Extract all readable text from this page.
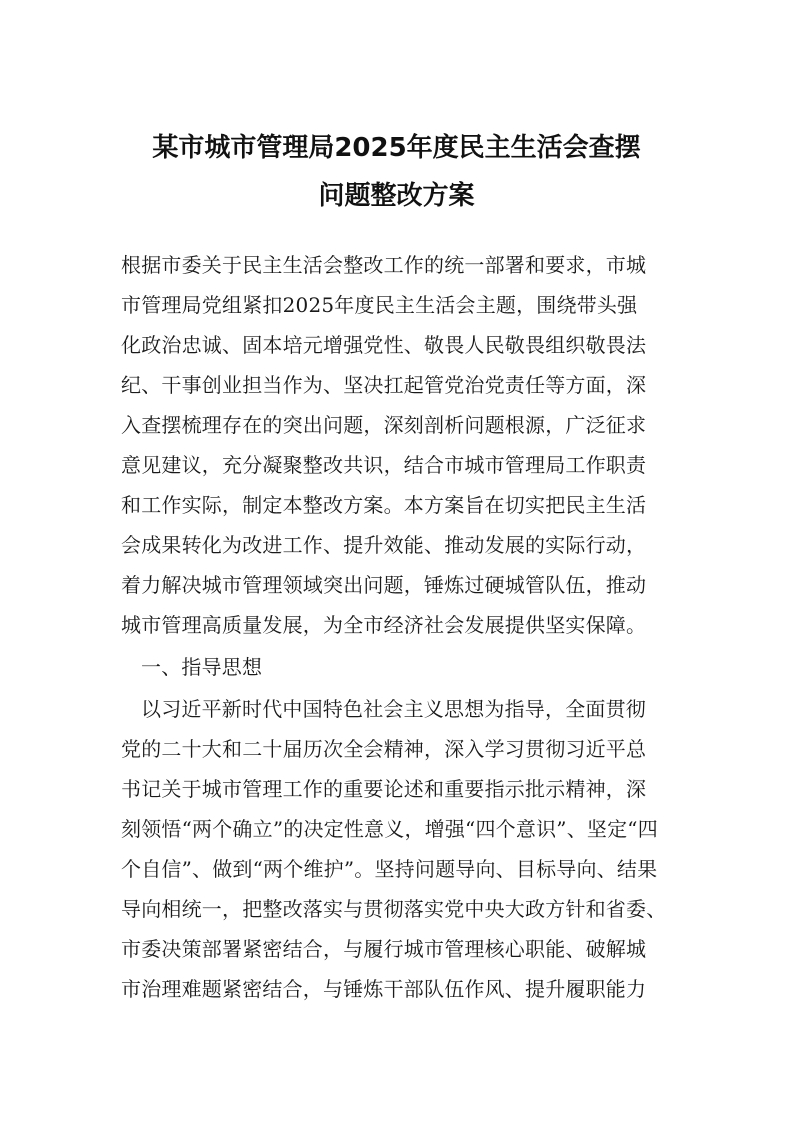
某市城市管理局2025年度民主生活会查摆
问题整改方案
根据市委关于民主生活会整改工作的统一部署和要求，市城
市管理局党组紧扣2025年度民主生活会主题，围绕带头强
化政治忠诚、固本培元增强党性、敬畏人民敬畏组织敬畏法
纪、干事创业担当作为、坚决扛起管党治党责任等方面，深
入查摆梳理存在的突出问题，深刻剖析问题根源，广泛征求
意见建议，充分凝聚整改共识，结合市城市管理局工作职责
和工作实际，制定本整改方案。本方案旨在切实把民主生活
会成果转化为改进工作、提升效能、推动发展的实际行动，
着力解决城市管理领域突出问题，锤炼过硬城管队伍，推动
城市管理高质量发展，为全市经济社会发展提供坚实保障。
一、指导思想
以习近平新时代中国特色社会主义思想为指导，全面贯彻
党的二十大和二十届历次全会精神，深入学习贯彻习近平总
书记关于城市管理工作的重要论述和重要指示批示精神，深
刻领悟“两个确立”的决定性意义，增强“四个意识”、坚定“四
个自信”、做到“两个维护”。坚持问题导向、目标导向、结果
导向相统一，把整改落实与贯彻落实党中央大政方针和省委、
市委决策部署紧密结合，与履行城市管理核心职能、破解城
市治理难题紧密结合，与锤炼干部队伍作风、提升履职能力
